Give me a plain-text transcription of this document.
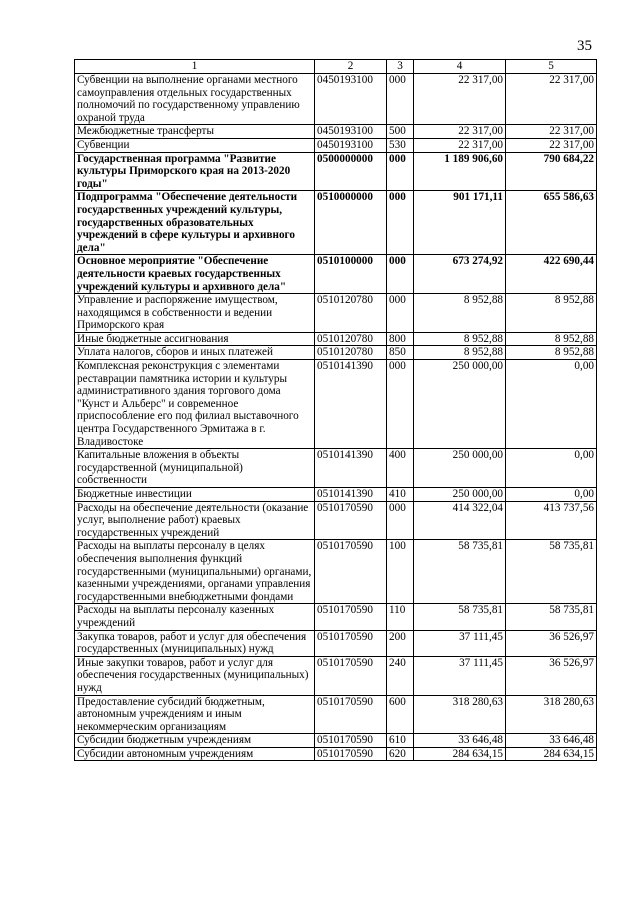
35
1	2	3	4	5
Субвенции на выполнение органами местного самоуправления отдельных государственных полномочий по государственному управлению охраной труда	0450193100	000	22 317,00	22 317,00
Межбюджетные трансферты	0450193100	500	22 317,00	22 317,00
Субвенции	0450193100	530	22 317,00	22 317,00
Государственная программа "Развитие культуры Приморского края на 2013-2020 годы"	0500000000	000	1 189 906,60	790 684,22
Подпрограмма "Обеспечение деятельности государственных учреждений культуры, государственных образовательных учреждений в сфере культуры и архивного дела"	0510000000	000	901 171,11	655 586,63
Основное мероприятие "Обеспечение деятельности краевых государственных учреждений культуры и архивного дела"	0510100000	000	673 274,92	422 690,44
Управление и распоряжение имуществом, находящимся в собственности и ведении Приморского края	0510120780	000	8 952,88	8 952,88
Иные бюджетные ассигнования	0510120780	800	8 952,88	8 952,88
Уплата налогов, сборов и иных платежей	0510120780	850	8 952,88	8 952,88
Комплексная реконструкция с элементами реставрации памятника истории и культуры административного здания торгового дома "Кунст и Альберс" и современное приспособление его под филиал выставочного центра Государственного Эрмитажа в г. Владивостоке	0510141390	000	250 000,00	0,00
Капитальные вложения в объекты государственной (муниципальной) собственности	0510141390	400	250 000,00	0,00
Бюджетные инвестиции	0510141390	410	250 000,00	0,00
Расходы на обеспечение деятельности (оказание услуг, выполнение работ) краевых государственных учреждений	0510170590	000	414 322,04	413 737,56
Расходы на выплаты персоналу в целях обеспечения выполнения функций государственными (муниципальными) органами, казенными учреждениями, органами управления государственными внебюджетными фондами	0510170590	100	58 735,81	58 735,81
Расходы на выплаты персоналу казенных учреждений	0510170590	110	58 735,81	58 735,81
Закупка товаров, работ и услуг для обеспечения государственных (муниципальных) нужд	0510170590	200	37 111,45	36 526,97
Иные закупки товаров, работ и услуг для обеспечения государственных (муниципальных) нужд	0510170590	240	37 111,45	36 526,97
Предоставление субсидий бюджетным, автономным учреждениям и иным некоммерческим организациям	0510170590	600	318 280,63	318 280,63
Субсидии бюджетным учреждениям	0510170590	610	33 646,48	33 646,48
Субсидии автономным учреждениям	0510170590	620	284 634,15	284 634,15
